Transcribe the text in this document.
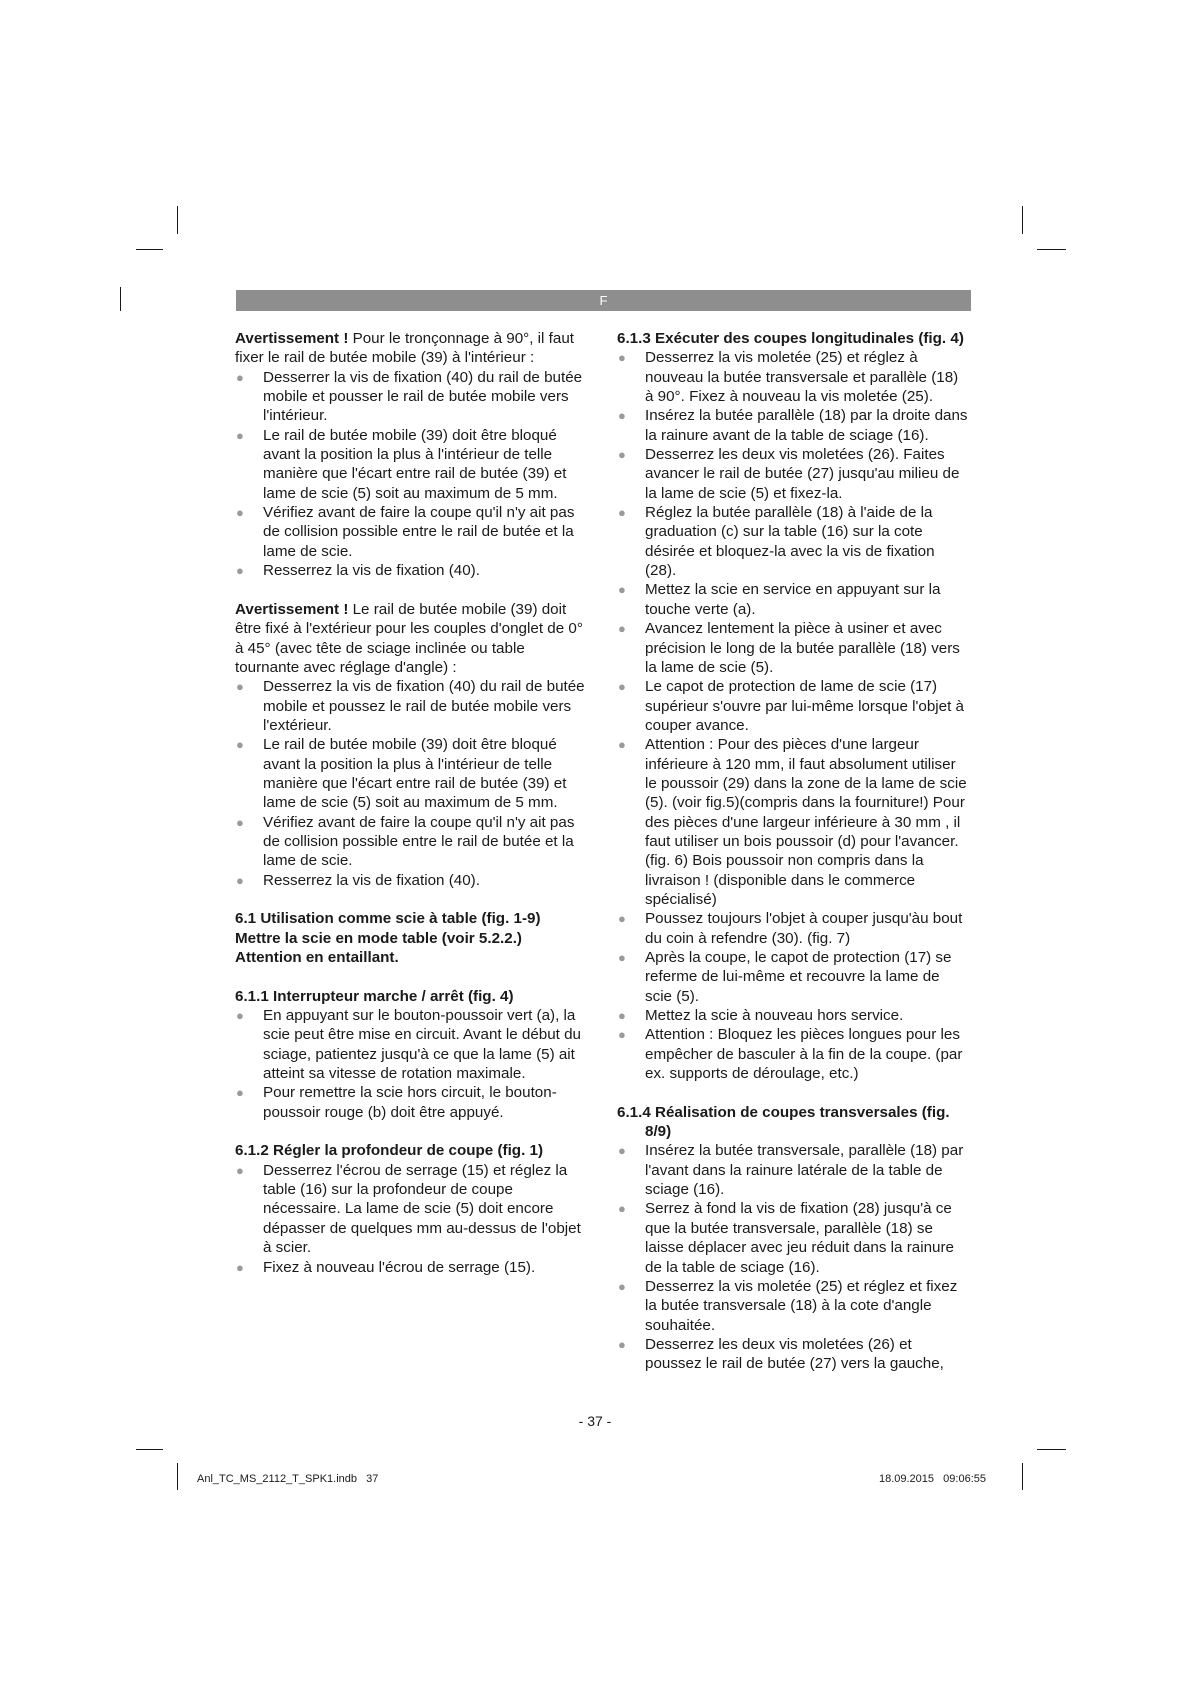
F

Avertissement ! Pour le tronçonnage à 90°, il faut fixer le rail de butée mobile (39) à l'intérieur :

● Desserrer la vis de fixation (40) du rail de butée mobile et pousser le rail de butée mobile vers l'intérieur.
● Le rail de butée mobile (39) doit être bloqué avant la position la plus à l'intérieur de telle manière que l'écart entre rail de butée (39) et lame de scie (5) soit au maximum de 5 mm.
● Vérifiez avant de faire la coupe qu'il n'y ait pas de collision possible entre le rail de butée et la lame de scie.
● Resserrez la vis de fixation (40).

Avertissement ! Le rail de butée mobile (39) doit être fixé à l'extérieur pour les couples d'onglet de 0° à 45° (avec tête de sciage inclinée ou table tournante avec réglage d'angle) :

● Desserrez la vis de fixation (40) du rail de butée mobile et poussez le rail de butée mobile vers l'extérieur.
● Le rail de butée mobile (39) doit être bloqué avant la position la plus à l'intérieur de telle manière que l'écart entre rail de butée (39) et lame de scie (5) soit au maximum de 5 mm.
● Vérifiez avant de faire la coupe qu'il n'y ait pas de collision possible entre le rail de butée et la lame de scie.
● Resserrez la vis de fixation (40).

6.1 Utilisation comme scie à table (fig. 1-9)

Mettre la scie en mode table (voir 5.2.2.)

Attention en entaillant.

6.1.1 Interrupteur marche / arrêt (fig. 4)

● En appuyant sur le bouton-poussoir vert (a), la scie peut être mise en circuit. Avant le début du sciage, patientez jusqu'à ce que la lame (5) ait atteint sa vitesse de rotation maximale.
● Pour remettre la scie hors circuit, le bouton-poussoir rouge (b) doit être appuyé.

6.1.2 Régler la profondeur de coupe (fig. 1)

● Desserrez l'écrou de serrage (15) et réglez la table (16) sur la profondeur de coupe nécessaire. La lame de scie (5) doit encore dépasser de quelques mm au-dessus de l'objet à scier.
● Fixez à nouveau l'écrou de serrage (15).

6.1.3 Exécuter des coupes longitudinales (fig. 4)

● Desserrez la vis moletée (25) et réglez à nouveau la butée transversale et parallèle (18) à 90°. Fixez à nouveau la vis moletée (25).
● Insérez la butée parallèle (18) par la droite dans la rainure avant de la table de sciage (16).
● Desserrez les deux vis moletées (26). Faites avancer le rail de butée (27) jusqu'au milieu de la lame de scie (5) et fixez-la.
● Réglez la butée parallèle (18) à l'aide de la graduation (c) sur la table (16) sur la cote désirée et bloquez-la avec la vis de fixation (28).
● Mettez la scie en service en appuyant sur la touche verte (a).
● Avancez lentement la pièce à usiner et avec précision le long de la butée parallèle (18) vers la lame de scie (5).
● Le capot de protection de lame de scie (17) supérieur s'ouvre par lui-même lorsque l'objet à couper avance.
● Attention : Pour des pièces d'une largeur inférieure à 120 mm, il faut absolument utiliser le poussoir (29) dans la zone de la lame de scie (5). (voir fig.5)(compris dans la fourniture!) Pour des pièces d'une largeur inférieure à 30 mm , il faut utiliser un bois poussoir (d) pour l'avancer. (fig. 6) Bois poussoir non compris dans la livraison ! (disponible dans le commerce spécialisé)
● Poussez toujours l'objet à couper jusqu'àu bout du coin à refendre (30). (fig. 7)
● Après la coupe, le capot de protection (17) se referme de lui-même et recouvre la lame de scie (5).
● Mettez la scie à nouveau hors service.
● Attention : Bloquez les pièces longues pour les empêcher de basculer à la fin de la coupe. (par ex. supports de déroulage, etc.)

6.1.4 Réalisation de coupes transversales (fig. 8/9)

● Insérez la butée transversale, parallèle (18) par l'avant dans la rainure latérale de la table de sciage (16).
● Serrez à fond la vis de fixation (28) jusqu'à ce que la butée transversale, parallèle (18) se laisse déplacer avec jeu réduit dans la rainure de la table de sciage (16).
● Desserrez la vis moletée (25) et réglez et fixez la butée transversale (18) à la cote d'angle souhaitée.
● Desserrez les deux vis moletées (26) et poussez le rail de butée (27) vers la gauche,
- 37 -
Anl_TC_MS_2112_T_SPK1.indb   37	18.09.2015   09:06:55
